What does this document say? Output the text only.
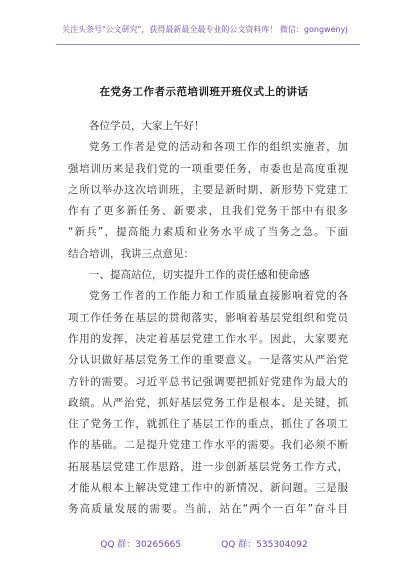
关注头条号"公文研究"，获得最新最全最专业的公文资料库！ 微信：gongwenyj
在党务工作者示范培训班开班仪式上的讲话
各位学员，大家上午好！
党务工作者是党的活动和各项工作的组织实施者，加
强培训历来是我们党的一项重要任务，市委也是高度重视
之所以举办这次培训班，主要是新时期、新形势下党建工
作有了更多新任务、新要求，且我们党务干部中有很多
“新兵”，提高能力素质和业务水平成了当务之急。下面
结合培训，我讲三点意见：
一、提高站位，切实提升工作的责任感和使命感
党务工作者的工作能力和工作质量直接影响着党的各
项工作任务在基层的贯彻落实，影响着基层党组织和党员
作用的发挥，决定着基层党建工作水平。因此，大家要充
分认识做好基层党务工作的重要意义。一是落实从严治党
方针的需要。习近平总书记强调要把抓好党建作为最大的
政绩。从严治党，抓好基层党务工作是根本、是关键，抓
住了党务工作，就抓住了基层工作的重点，抓住了各项工
作的基础。二是提升党建工作水平的需要。我们必须不断
拓展基层党建工作思路，进一步创新基层党务工作方式，
才能从根本上解决党建工作中的新情况、新问题。三是服
务高质量发展的需要。当前，站在“两个一百年”奋斗目
QQ 群：30265665	QQ 群：535304092
